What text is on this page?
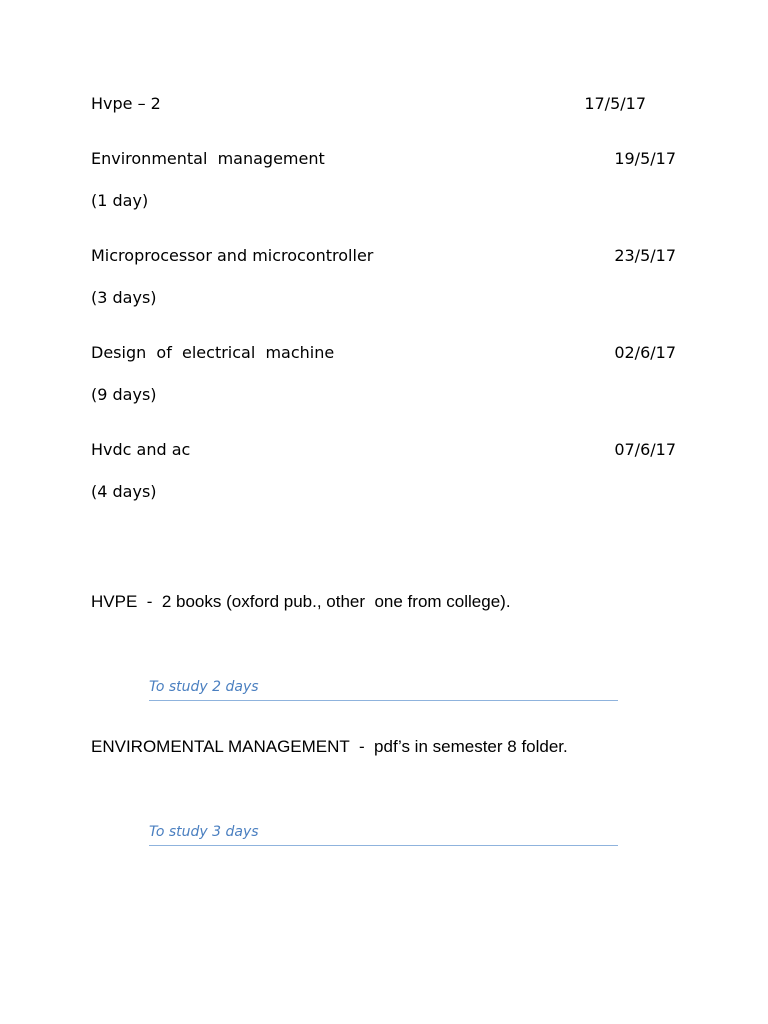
Hvpe – 2	17/5/17
Environmental  management	19/5/17
(1 day)
Microprocessor and microcontroller	23/5/17
(3 days)
Design  of  electrical  machine	02/6/17
(9 days)
Hvdc and ac	07/6/17
(4 days)
HVPE  -  2 books (oxford pub., other  one from college).
To study 2 days
ENVIROMENTAL MANAGEMENT  -  pdf’s in semester 8 folder.
To study 3 days
